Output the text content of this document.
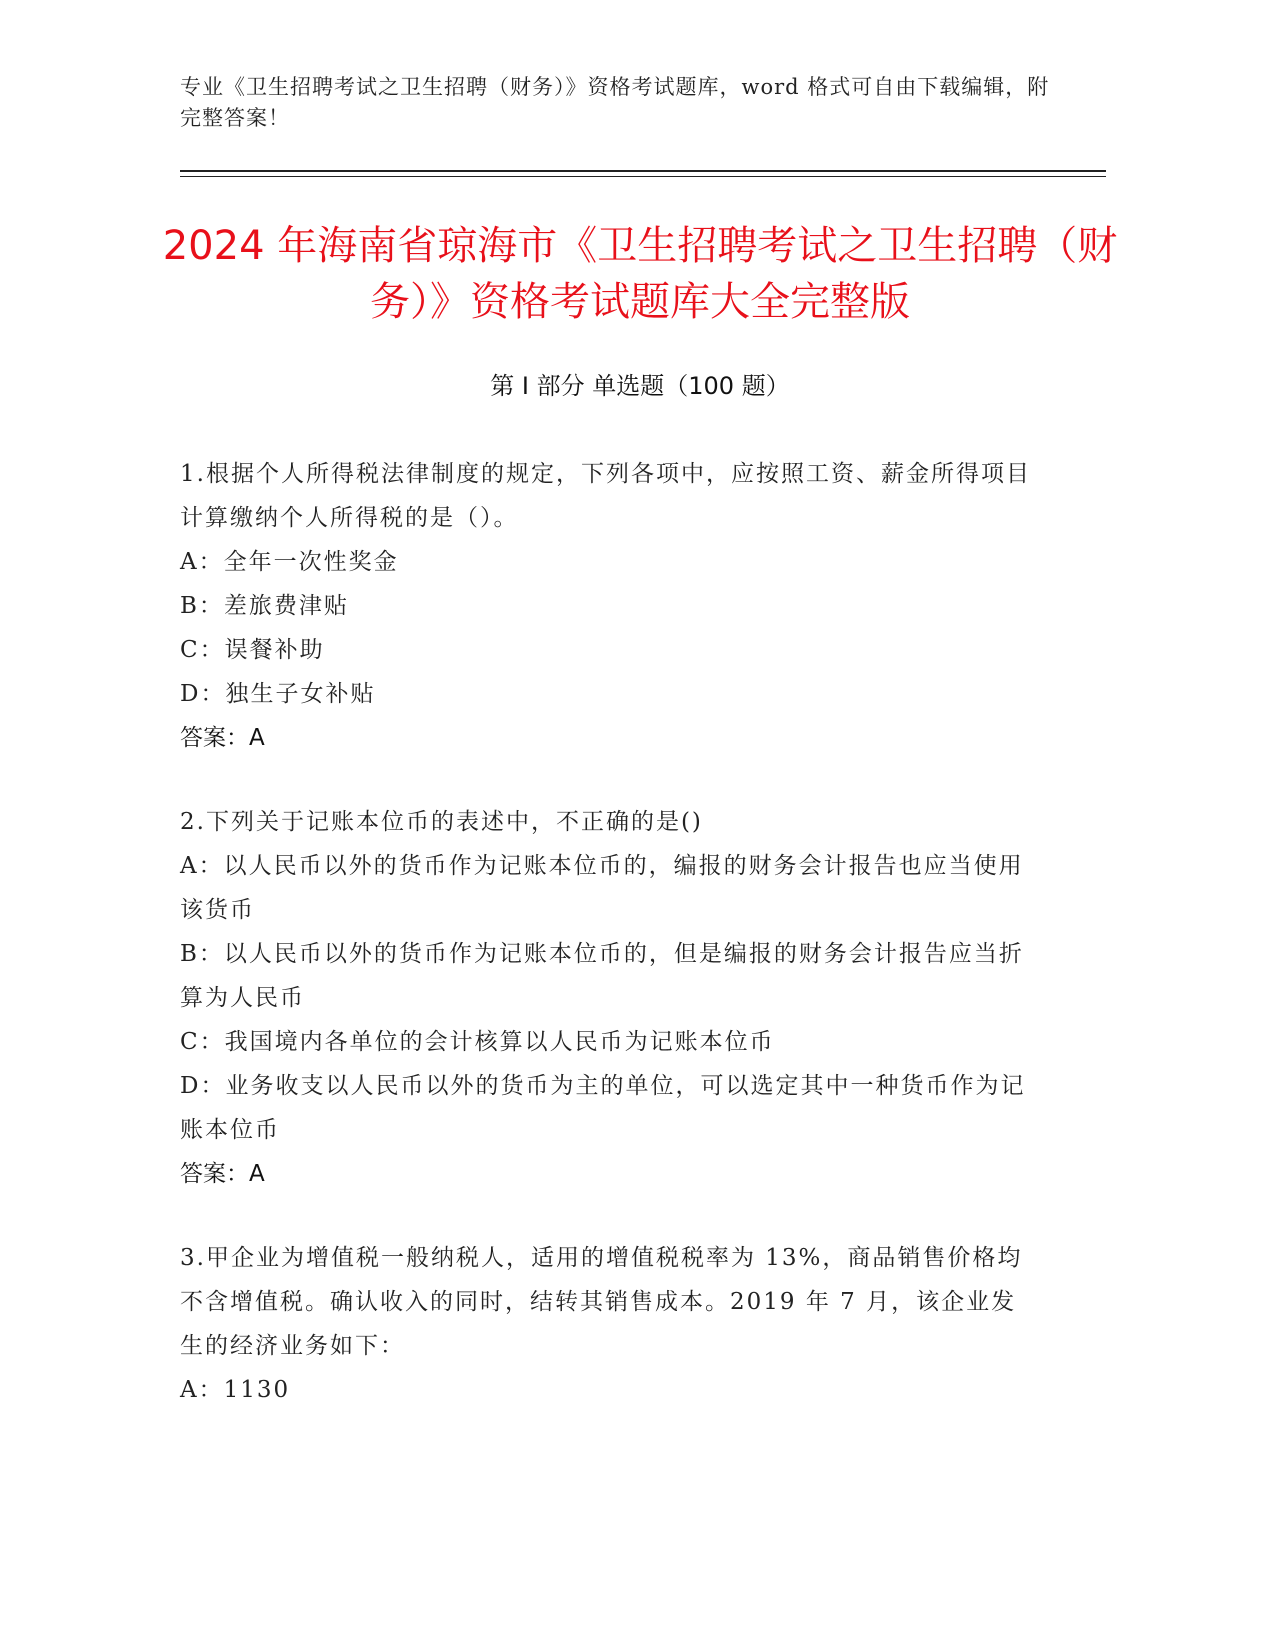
专业《卫生招聘考试之卫生招聘（财务）》资格考试题库，word 格式可自由下载编辑，附完整答案！
2024 年海南省琼海市《卫生招聘考试之卫生招聘（财务）》资格考试题库大全完整版
第 I 部分 单选题（100 题）

1.根据个人所得税法律制度的规定，下列各项中，应按照工资、薪金所得项目计算缴纳个人所得税的是（）。

A：全年一次性奖金

B：差旅费津贴

C：误餐补助

D：独生子女补贴

答案：A

2.下列关于记账本位币的表述中，不正确的是()

A：以人民币以外的货币作为记账本位币的，编报的财务会计报告也应当使用该货币

B：以人民币以外的货币作为记账本位币的，但是编报的财务会计报告应当折算为人民币

C：我国境内各单位的会计核算以人民币为记账本位币

D：业务收支以人民币以外的货币为主的单位，可以选定其中一种货币作为记账本位币

答案：A

3.甲企业为增值税一般纳税人，适用的增值税税率为 13%，商品销售价格均不含增值税。确认收入的同时，结转其销售成本。2019 年 7 月，该企业发生的经济业务如下：

A：1130
